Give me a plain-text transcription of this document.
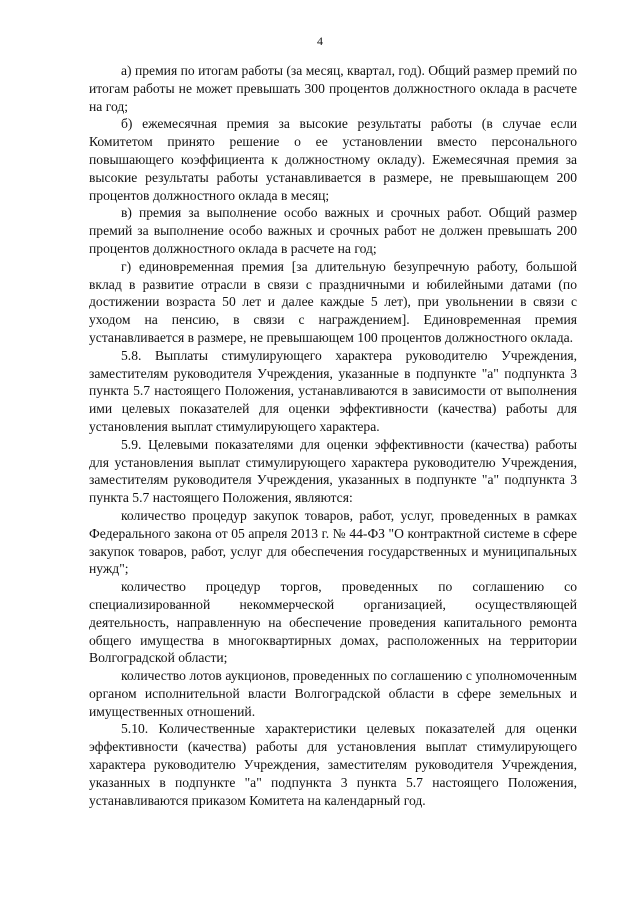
4

а) премия по итогам работы (за месяц, квартал, год). Общий размер премий по итогам работы не может превышать 300 процентов должностного оклада в расчете на год;

б) ежемесячная премия за высокие результаты работы (в случае если Комитетом принято решение о ее установлении вместо персонального повышающего коэффициента к должностному окладу). Ежемесячная премия за высокие результаты работы устанавливается в размере, не превышающем 200 процентов должностного оклада в месяц;

в) премия за выполнение особо важных и срочных работ. Общий размер премий за выполнение особо важных и срочных работ не должен превышать 200 процентов должностного оклада в расчете на год;

г) единовременная премия [за длительную безупречную работу, большой вклад в развитие отрасли в связи с праздничными и юбилейными датами (по достижении возраста 50 лет и далее каждые 5 лет), при увольнении в связи с уходом на пенсию, в связи с награждением]. Единовременная премия устанавливается в размере, не превышающем 100 процентов должностного оклада.

5.8. Выплаты стимулирующего характера руководителю Учреждения, заместителям руководителя Учреждения, указанные в подпункте "а" подпункта 3 пункта 5.7 настоящего Положения, устанавливаются в зависимости от выполнения ими целевых показателей для оценки эффективности (качества) работы для установления выплат стимулирующего характера.

5.9. Целевыми показателями для оценки эффективности (качества) работы для установления выплат стимулирующего характера руководителю Учреждения, заместителям руководителя Учреждения, указанных в подпункте "а" подпункта 3 пункта 5.7 настоящего Положения, являются:

количество процедур закупок товаров, работ, услуг, проведенных в рамках Федерального закона от 05 апреля 2013 г. № 44-ФЗ "О контрактной системе в сфере закупок товаров, работ, услуг для обеспечения государственных и муниципальных нужд";

количество процедур торгов, проведенных по соглашению со специализированной некоммерческой организацией, осуществляющей деятельность, направленную на обеспечение проведения капитального ремонта общего имущества в многоквартирных домах, расположенных на территории Волгоградской области;

количество лотов аукционов, проведенных по соглашению с уполномоченным органом исполнительной власти Волгоградской области в сфере земельных и имущественных отношений.

5.10. Количественные характеристики целевых показателей для оценки эффективности (качества) работы для установления выплат стимулирующего характера руководителю Учреждения, заместителям руководителя Учреждения, указанных в подпункте "а" подпункта 3 пункта 5.7 настоящего Положения, устанавливаются приказом Комитета на календарный год.
